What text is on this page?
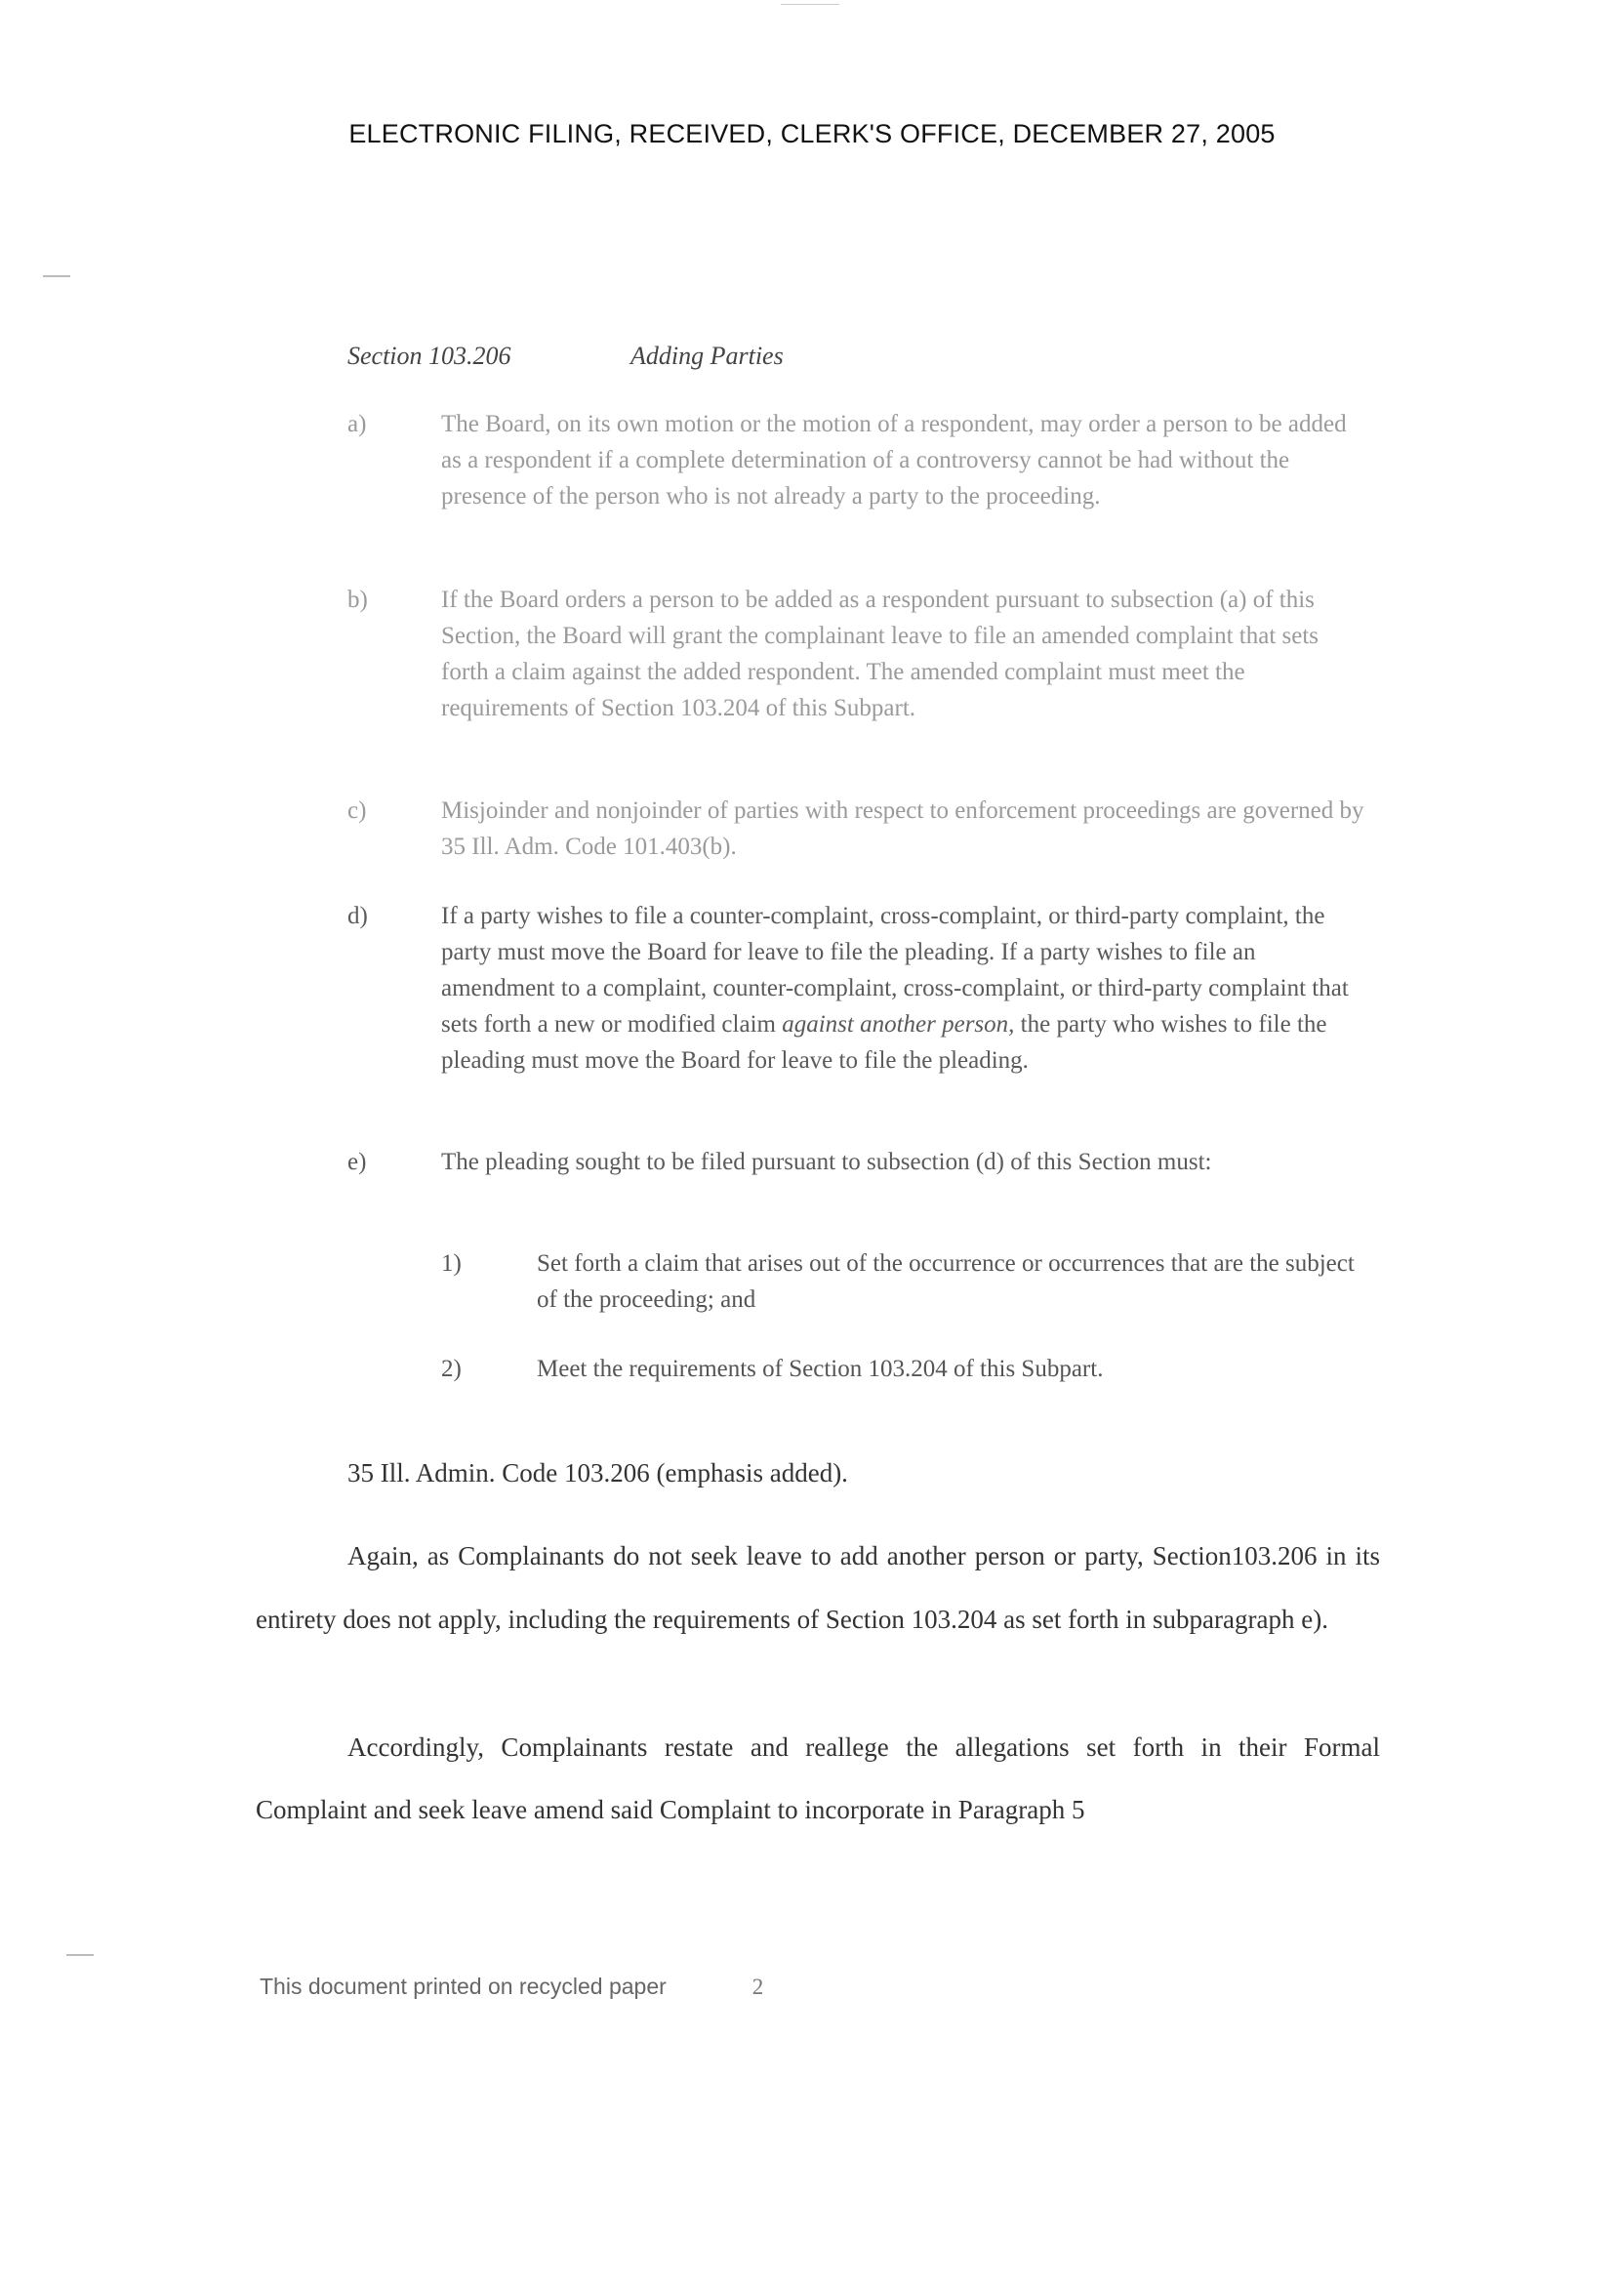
ELECTRONIC FILING, RECEIVED, CLERK'S OFFICE, DECEMBER 27, 2005
Section 103.206	Adding Parties
a)	The Board, on its own motion or the motion of a respondent, may order a person to be added as a respondent if a complete determination of a controversy cannot be had without the presence of the person who is not already a party to the proceeding.
b)	If the Board orders a person to be added as a respondent pursuant to subsection (a) of this Section, the Board will grant the complainant leave to file an amended complaint that sets forth a claim against the added respondent. The amended complaint must meet the requirements of Section 103.204 of this Subpart.
c)	Misjoinder and nonjoinder of parties with respect to enforcement proceedings are governed by 35 Ill. Adm. Code 101.403(b).
d)	If a party wishes to file a counter-complaint, cross-complaint, or third-party complaint, the party must move the Board for leave to file the pleading. If a party wishes to file an amendment to a complaint, counter-complaint, cross-complaint, or third-party complaint that sets forth a new or modified claim against another person, the party who wishes to file the pleading must move the Board for leave to file the pleading.
e)	The pleading sought to be filed pursuant to subsection (d) of this Section must:
1)	Set forth a claim that arises out of the occurrence or occurrences that are the subject of the proceeding; and
2)	Meet the requirements of Section 103.204 of this Subpart.
35 Ill. Admin. Code 103.206 (emphasis added).
Again, as Complainants do not seek leave to add another person or party, Section103.206 in its entirety does not apply, including the requirements of Section 103.204 as set forth in subparagraph e).
Accordingly, Complainants restate and reallege the allegations set forth in their Formal Complaint and seek leave amend said Complaint to incorporate in Paragraph 5
This document printed on recycled paper	2
